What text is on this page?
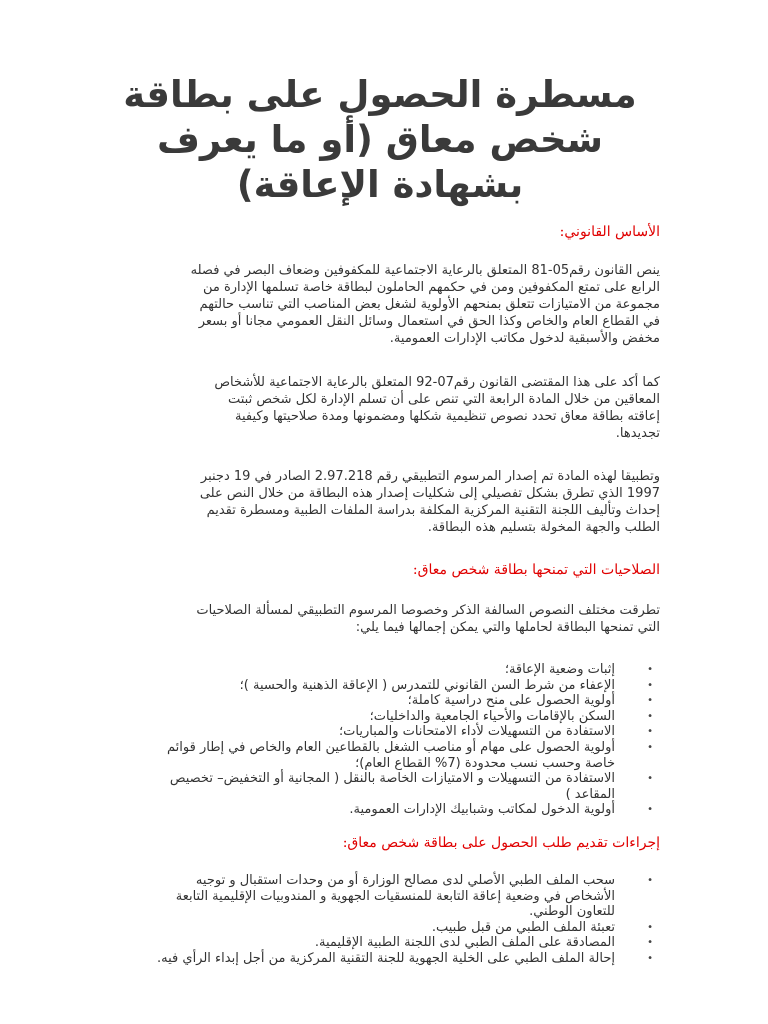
مسطرة الحصول على بطاقة
شخص معاق (أو ما يعرف
بشهادة الإعاقة)
الأساس القانوني:
ينص القانون رقم05-81 المتعلق بالرعاية الاجتماعية للمكفوفين وضعاف البصر في فصله
الرابع على تمتع المكفوفين ومن في حكمهم الحاملون لبطاقة خاصة تسلمها الإدارة من
مجموعة من الامتيازات تتعلق بمنحهم الأولوية لشغل بعض المناصب التي تناسب حالتهم
في القطاع العام والخاص وكذا الحق في استعمال وسائل النقل العمومي مجانا أو بسعر
مخفض والأسبقية لدخول مكاتب الإدارات العمومية.
كما أكد على هذا المقتضى القانون رقم07-92 المتعلق بالرعاية الاجتماعية للأشخاص
المعاقين من خلال المادة الرابعة التي تنص على أن تسلم الإدارة لكل شخص ثبتت
إعاقته بطاقة معاق تحدد نصوص تنظيمية شكلها ومضمونها ومدة صلاحيتها وكيفية
تجديدها.
وتطبيقا لهذه المادة تم إصدار المرسوم التطبيقي رقم 2.97.218 الصادر في 19 دجنبر
1997 الذي تطرق بشكل تفصيلي إلى شكليات إصدار هذه البطاقة من خلال النص على
إحداث وتأليف اللجنة التقنية المركزية المكلفة بدراسة الملفات الطبية ومسطرة تقديم
الطلب والجهة المخولة بتسليم هذه البطاقة.
الصلاحيات التي تمنحها بطاقة شخص معاق:
تطرقت مختلف النصوص السالفة الذكر وخصوصا المرسوم التطبيقي لمسألة الصلاحيات
التي تمنحها البطاقة لحاملها والتي يمكن إجمالها فيما يلي:
• إثبات وضعية الإعاقة؛
• الإعفاء من شرط السن القانوني للتمدرس ( الإعاقة الذهنية والحسية )؛
• أولوية الحصول على منح دراسية كاملة؛
• السكن بالإقامات والأحياء الجامعية والداخليات؛
• الاستفادة من التسهيلات لأداء الامتحانات والمباريات؛
• أولوية الحصول على مهام أو مناصب الشغل بالقطاعين العام والخاص في إطار قوائم
خاصة وحسب نسب محدودة (7% القطاع العام)؛
• الاستفادة من التسهيلات و الامتيازات الخاصة بالنقل ( المجانية أو التخفيض– تخصيص
المقاعد )
• أولوية الدخول لمكاتب وشبابيك الإدارات العمومية.
إجراءات تقديم طلب الحصول على بطاقة شخص معاق:
• سحب الملف الطبي الأصلي لدى مصالح الوزارة أو من وحدات استقبال و توجيه
الأشخاص في وضعية إعاقة التابعة للمنسقيات الجهوية و المندوبيات الإقليمية التابعة
للتعاون الوطني.
• تعبئة الملف الطبي من قبل طبيب.
• المصادقة على الملف الطبي لدى اللجنة الطبية الإقليمية.
• إحالة الملف الطبي على الخلية الجهوية للجنة التقنية المركزية من أجل إبداء الرأي فيه.
